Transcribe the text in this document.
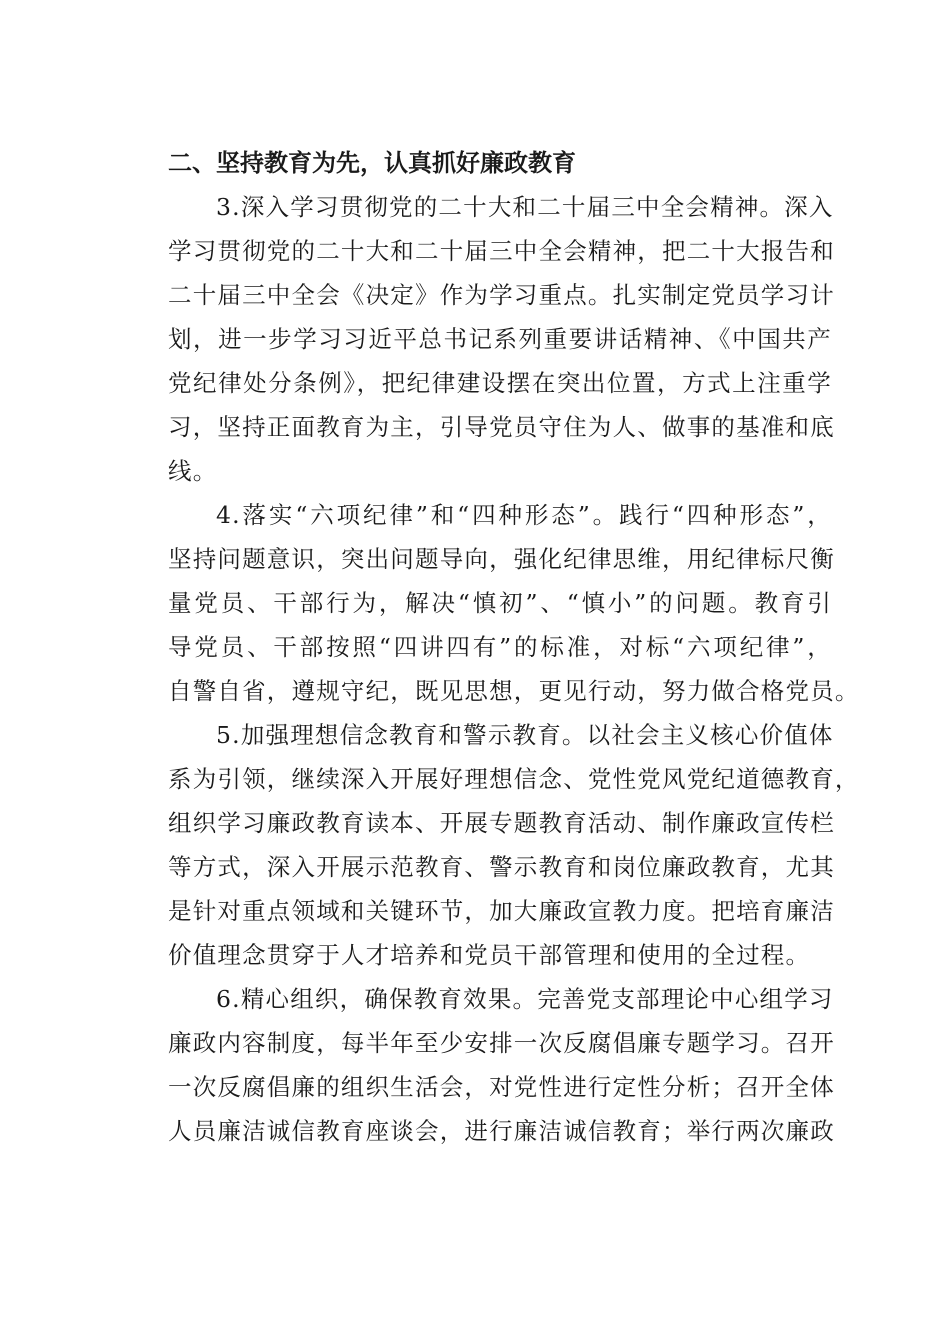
二、坚持教育为先，认真抓好廉政教育
3.深入学习贯彻党的二十大和二十届三中全会精神。深入
学习贯彻党的二十大和二十届三中全会精神，把二十大报告和
二十届三中全会《决定》作为学习重点。扎实制定党员学习计
划，进一步学习习近平总书记系列重要讲话精神、《中国共产
党纪律处分条例》，把纪律建设摆在突出位置，方式上注重学
习，坚持正面教育为主，引导党员守住为人、做事的基准和底
线。
4.落实“六项纪律”和“四种形态”。践行“四种形态”，
坚持问题意识，突出问题导向，强化纪律思维，用纪律标尺衡
量党员、干部行为，解决“慎初”、“慎小”的问题。教育引
导党员、干部按照“四讲四有”的标准，对标“六项纪律”，
自警自省，遵规守纪，既见思想，更见行动，努力做合格党员。
5.加强理想信念教育和警示教育。以社会主义核心价值体
系为引领，继续深入开展好理想信念、党性党风党纪道德教育，
组织学习廉政教育读本、开展专题教育活动、制作廉政宣传栏
等方式，深入开展示范教育、警示教育和岗位廉政教育，尤其
是针对重点领域和关键环节，加大廉政宣教力度。把培育廉洁
价值理念贯穿于人才培养和党员干部管理和使用的全过程。
6.精心组织，确保教育效果。完善党支部理论中心组学习
廉政内容制度，每半年至少安排一次反腐倡廉专题学习。召开
一次反腐倡廉的组织生活会，对党性进行定性分析；召开全体
人员廉洁诚信教育座谈会，进行廉洁诚信教育；举行两次廉政
